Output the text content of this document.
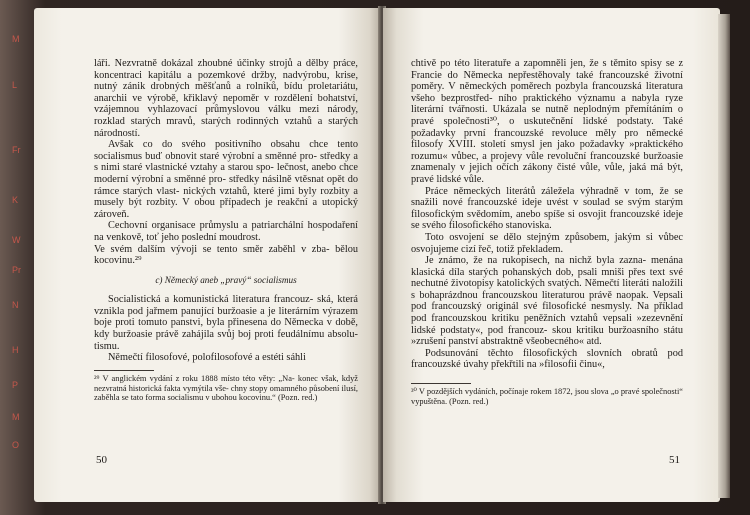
M
L
Fr
K
W
Pr
N
H
P
M
O

láři. Nezvratně dokázal zhoubné účinky strojů a dělby práce, koncentraci kapitálu a pozemkové držby, nadvýrobu, krise, nutný zánik drobných měšťanů a rolníků, bídu proletariátu, anarchii ve výrobě, křiklavý nepoměr v rozdělení bohatství, vzájemnou vyhlazovací průmyslovou válku mezi národy, rozklad starých mravů, starých rodinných vztahů a starých národností.

Avšak co do svého positivního obsahu chce tento socialismus buď obnovit staré výrobní a směnné pro- středky a s nimi staré vlastnické vztahy a starou spo- lečnost, anebo chce moderní výrobní a směnné pro- středky násilně vtěsnat opět do rámce starých vlast- nických vztahů, které jimi byly rozbity a musely být rozbity. V obou případech je reakční a utopický zároveň.

Cechovní organisace průmyslu a patriarchální hospodaření na venkově, toť jeho poslední moudrost.

Ve svém dalším vývoji se tento směr zaběhl v zba- bělou kocovinu.²⁹

c) Německý aneb „pravý“ socialismus

Socialistická a komunistická literatura francouz- ská, která vznikla pod jařmem panující buržoasie a je literárním výrazem boje proti tomuto panstvi, byla přinesena do Německa v době, kdy buržoasie právě zahájila svůj boj proti feudálnímu absolu- tismu.

Němečtí filosofové, polofilosofové a estéti sáhli

²⁹ V anglickém vydání z roku 1888 místo této věty: „Na- konec však, když nezvratná historická fakta vymýtila vše- chny stopy omamného působení ilusí, zaběhla se tato forma socialismu v ubohou kocovinu.“ (Pozn. red.)

50

chtivě po této literatuře a zapomněli jen, že s těmito spisy se z Francie do Německa nepřestěhovaly také francouzské životní poměry. V německých poměrech pozbyla francouzská literatura všeho bezprostřed- ního praktického významu a nabyla ryze literární tvářnosti. Ukázala se nutně neplodným přemítáním o pravé společnosti³⁰, o uskutečnění lidské podstaty. Také požadavky první francouzské revoluce měly pro německé filosofy XVIII. století smysl jen jako požadavky »praktického rozumu« vůbec, a projevy vůle revoluční francouzské buržoasie znamenaly v jejich očích zákony čisté vůle, vůle, jaká má být, pravé lidské vůle.

Práce německých literátů záležela výhradně v tom, že se snažili nové francouzské ideje uvést v soulad se svým starým filosofickým svědomím, anebo spíše si osvojit francouzské ideje se svého filosofického stanoviska.

Toto osvojení se dělo stejným způsobem, jakým si vůbec osvojujeme cizí řeč, totiž překladem.

Je známo, že na rukopisech, na nichž byla zazna- menána klasická díla starých pohanských dob, psali mniši přes text své nechutné životopisy katolických svatých. Němečtí literáti naložili s bohaprázdnou francouzskou literaturou právě naopak. Vepsali pod francouzský originál své filosofické nesmysly. Na příklad pod francouzskou kritiku peněžních vztahů vepsali »zezevnění lidské podstaty«, pod francouz- skou kritiku buržoasního státu »zrušení panství abstraktně všeobecného« atd.

Podsunování těchto filosofických slovních obratů pod francouzské úvahy překřtili na »filosofii činu«,

³⁰ V pozdějších vydáních, počínaje rokem 1872, jsou slova „o pravé společnosti“ vypuštěna. (Pozn. red.)

51
